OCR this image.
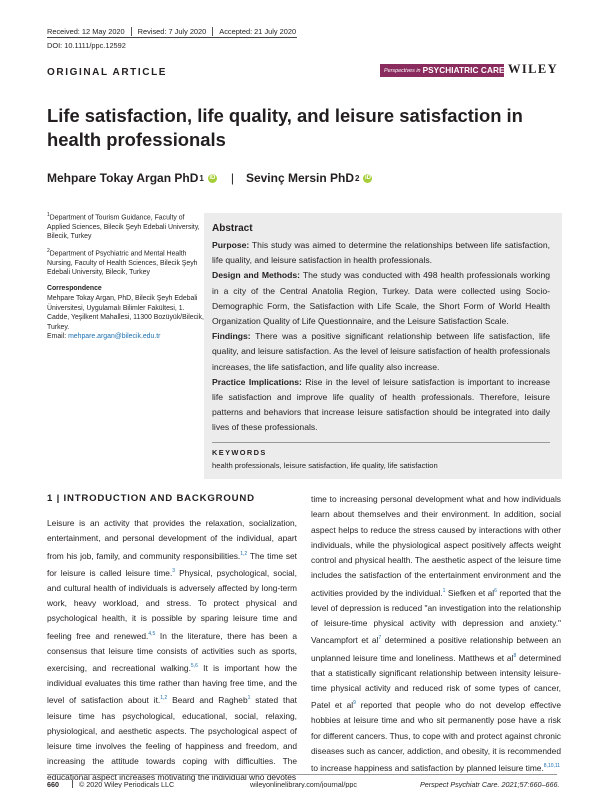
Received: 12 May 2020	Revised: 7 July 2020	Accepted: 21 July 2020
DOI: 10.1111/ppc.12592
ORIGINAL ARTICLE	Perspectives in PSYCHIATRIC CARE WILEY
Life satisfaction, life quality, and leisure satisfaction in health professionals
Mehpare Tokay Argan PhD 1 iD | Sevinç Mersin PhD 2 iD
$^1$Department of Tourism Guidance, Faculty of Applied Sciences, Bilecik Şeyh Edebali University, Bilecik, Turkey
$^2$Department of Psychiatric and Mental Health Nursing, Faculty of Health Sciences, Bilecik Şeyh Edebali University, Bilecik, Turkey
Correspondence
Mehpare Tokay Argan, PhD, Bilecik Şeyh Edebali Üniversitesi, Uygulamalı Bilimler Fakültesi, 1. Cadde, Yeşilkent Mahallesi, 11300 Bozüyük/Bilecik, Turkey.
Email: mehpare.argan@bilecik.edu.tr
Abstract
Purpose: This study was aimed to determine the relationships between life satisfaction, life quality, and leisure satisfaction in health professionals.
Design and Methods: The study was conducted with 498 health professionals working in a city of the Central Anatolia Region, Turkey. Data were collected using Socio-Demographic Form, the Satisfaction with Life Scale, the Short Form of World Health Organization Quality of Life Questionnaire, and the Leisure Satisfaction Scale.
Findings: There was a positive significant relationship between life satisfaction, life quality, and leisure satisfaction. As the level of leisure satisfaction of health professionals increases, the life satisfaction, and life quality also increase.
Practice Implications: Rise in the level of leisure satisfaction is important to increase life satisfaction and improve life quality of health professionals. Therefore, leisure patterns and behaviors that increase leisure satisfaction should be integrated into daily lives of these professionals.
KEYWORDS
health professionals, leisure satisfaction, life quality, life satisfaction
1 | INTRODUCTION AND BACKGROUND
Leisure is an activity that provides the relaxation, socialization, entertainment, and personal development of the individual, apart from his job, family, and community responsibilities.$^{1,2}$ The time set for leisure is called leisure time.$^3$ Physical, psychological, social, and cultural health of individuals is adversely affected by long-term work, heavy workload, and stress. To protect physical and psychological health, it is possible by sparing leisure time and feeling free and renewed.$^{4,5}$ In the literature, there has been a consensus that leisure time consists of activities such as sports, exercising, and recreational walking.$^{5,6}$ It is important how the individual evaluates this time rather than having free time, and the level of satisfaction about it.$^{1,2}$ Beard and Ragheb$^1$ stated that leisure time has psychological, educational, social, relaxing, physiological, and aesthetic aspects. The psychological aspect of leisure time involves the feeling of happiness and freedom, and increasing the attitude towards coping with difficulties. The educational aspect increases motivating the individual who devotes
time to increasing personal development what and how individuals learn about themselves and their environment. In addition, social aspect helps to reduce the stress caused by interactions with other individuals, while the physiological aspect positively affects weight control and physical health. The aesthetic aspect of the leisure time includes the satisfaction of the entertainment environment and the activities provided by the individual.$^1$ Siefken et $al^6$ reported that the level of depression is reduced "an investigation into the relationship of leisure-time physical activity with depression and anxiety." Vancampfort et $al^7$ determined a positive relationship between an unplanned leisure time and loneliness. Matthews et $al^8$ determined that a statistically significant relationship between intensity leisure-time physical activity and reduced risk of some types of cancer, Patel et $al^9$ reported that people who do not develop effective hobbies at leisure time and who sit permanently pose have a risk for different cancers. Thus, to cope with and protect against chronic diseases such as cancer, addiction, and obesity, it is recommended to increase happiness and satisfaction by planned leisure time.$^{8,10,11}$
660	© 2020 Wiley Periodicals LLC	wileyonlinelibrary.com/journal/ppc	Perspect Psychiatr Care. 2021;57:660–666.
